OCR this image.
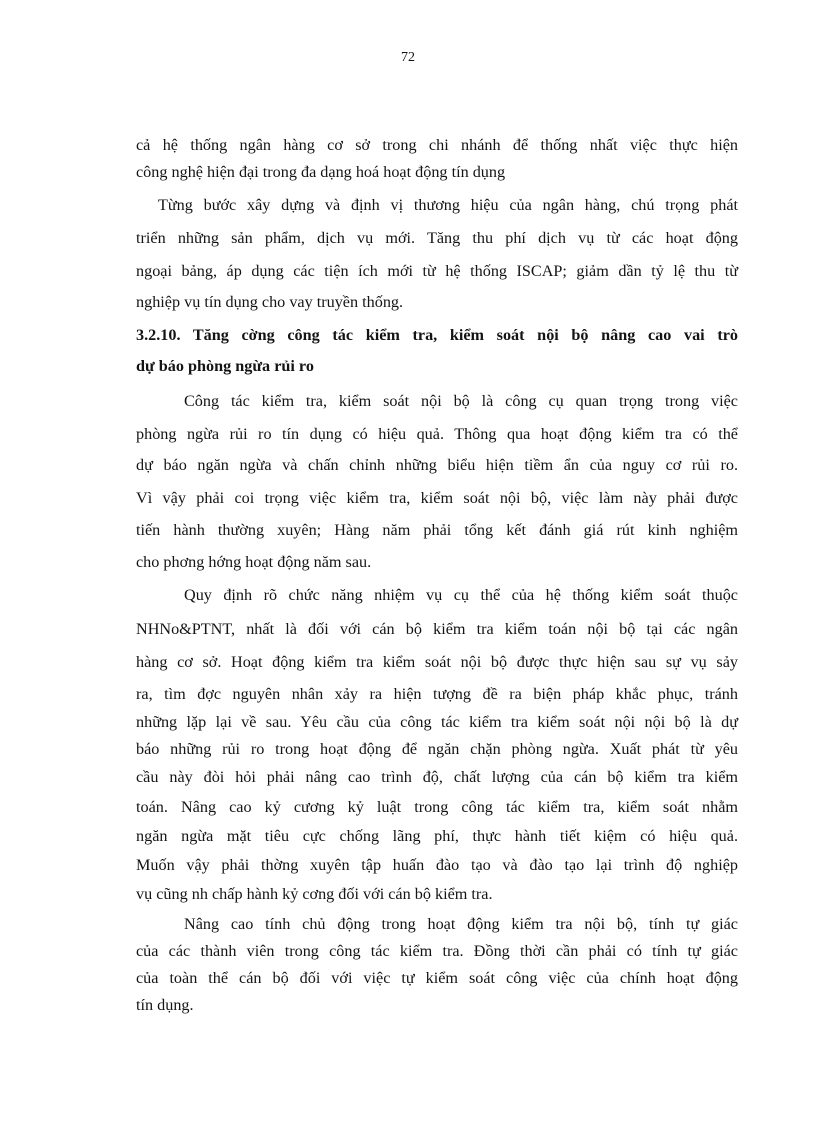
72
cả hệ thống ngân hàng cơ sở trong chi nhánh để thống nhất việc thực hiện
công nghệ hiện đại trong đa dạng hoá hoạt động tín dụng
Từng bước xây dựng và định vị thương hiệu của ngân hàng, chú trọng phát
triển những sản phẩm, dịch vụ mới. Tăng thu phí dịch vụ từ các hoạt động
ngoại bảng, áp dụng các tiện ích mới từ hệ thống ISCAP; giảm dần tỷ lệ thu từ
nghiệp vụ tín dụng cho vay truyền thống.
3.2.10. Tăng cờng công tác kiểm tra, kiểm soát nội bộ nâng cao vai trò
dự báo phòng ngừa rủi ro
Công tác kiểm tra, kiểm soát nội bộ là công cụ quan trọng trong việc
phòng ngừa rủi ro tín dụng có hiệu quả. Thông qua hoạt động kiểm tra có thể
dự báo ngăn ngừa và chấn chỉnh những biểu hiện tiềm ẩn của nguy cơ rủi ro.
Vì vậy phải coi trọng việc kiểm tra, kiểm soát nội bộ, việc làm này phải được
tiến hành thường xuyên; Hàng năm phải tổng kết đánh giá rút kinh nghiệm
cho phơng hớng hoạt động năm sau.
Quy định rõ chức năng nhiệm vụ cụ thể của hệ thống kiểm soát thuộc
NHNo&PTNT, nhất là đối với cán bộ kiểm tra kiểm toán nội bộ tại các ngân
hàng cơ sở. Hoạt động kiểm tra kiểm soát nội bộ được thực hiện sau sự vụ sảy
ra, tìm đợc nguyên nhân xảy ra hiện tượng đề ra biện pháp khắc phục, tránh
những lặp lại về sau. Yêu cầu của công tác kiểm tra kiểm soát nội nội bộ là dự
báo những rủi ro trong hoạt động để ngăn chặn phòng ngừa. Xuất phát từ yêu
cầu này đòi hỏi phải nâng cao trình độ, chất lượng của cán bộ kiểm tra kiểm
toán. Nâng cao kỷ cương kỷ luật trong công tác kiểm tra, kiểm soát nhằm
ngăn ngừa mặt tiêu cực chống lãng phí, thực hành tiết kiệm có hiệu quả.
Muốn vậy phải thờng xuyên tập huấn đào tạo và đào tạo lại trình độ nghiệp
vụ cũng nh chấp hành kỷ cơng đối với cán bộ kiểm tra.
Nâng cao tính chủ động trong hoạt động kiểm tra nội bộ, tính tự giác
của các thành viên trong công tác kiểm tra. Đồng thời cần phải có tính tự giác
của toàn thể cán bộ đối với việc tự kiểm soát công việc của chính hoạt động
tín dụng.
